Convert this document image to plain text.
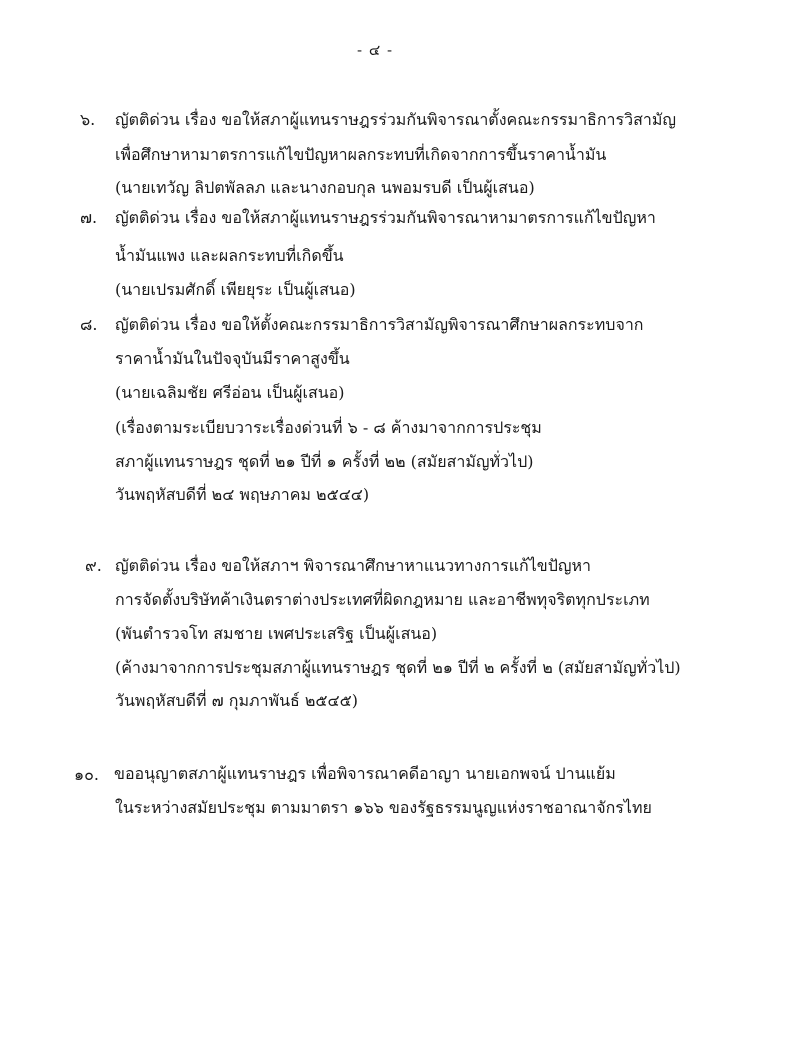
- ๔ -
๖.	ญัตติด่วน เรื่อง ขอให้สภาผู้แทนราษฎรร่วมกันพิจารณาตั้งคณะกรรมาธิการวิสามัญ
เพื่อศึกษาหามาตรการแก้ไขปัญหาผลกระทบที่เกิดจากการขึ้นราคาน้ำมัน
(นายเทวัญ ลิปตพัลลภ และนางกอบกุล นพอมรบดี เป็นผู้เสนอ)
๗.	ญัตติด่วน เรื่อง ขอให้สภาผู้แทนราษฎรร่วมกันพิจารณาหามาตรการแก้ไขปัญหา
น้ำมันแพง และผลกระทบที่เกิดขึ้น
(นายเปรมศักดิ์ เพียยุระ เป็นผู้เสนอ)
๘.	ญัตติด่วน เรื่อง ขอให้ตั้งคณะกรรมาธิการวิสามัญพิจารณาศึกษาผลกระทบจาก
ราคาน้ำมันในปัจจุบันมีราคาสูงขึ้น
(นายเฉลิมชัย ศรีอ่อน เป็นผู้เสนอ)
(เรื่องตามระเบียบวาระเรื่องด่วนที่ ๖ - ๘ ค้างมาจากการประชุม
สภาผู้แทนราษฎร ชุดที่ ๒๑ ปีที่ ๑ ครั้งที่ ๒๒ (สมัยสามัญทั่วไป)
วันพฤหัสบดีที่ ๒๔ พฤษภาคม ๒๕๔๔)
๙. ญัตติด่วน เรื่อง ขอให้สภาฯ พิจารณาศึกษาหาแนวทางการแก้ไขปัญหา
การจัดตั้งบริษัทค้าเงินตราต่างประเทศที่ผิดกฎหมาย และอาชีพทุจริตทุกประเภท
(พันตำรวจโท สมชาย เพศประเสริฐ เป็นผู้เสนอ)
(ค้างมาจากการประชุมสภาผู้แทนราษฎร ชุดที่ ๒๑ ปีที่ ๒ ครั้งที่ ๒ (สมัยสามัญทั่วไป)
วันพฤหัสบดีที่ ๗ กุมภาพันธ์ ๒๕๔๕)
๑๐. ขออนุญาตสภาผู้แทนราษฎร เพื่อพิจารณาคดีอาญา นายเอกพจน์ ปานแย้ม
ในระหว่างสมัยประชุม ตามมาตรา ๑๖๖ ของรัฐธรรมนูญแห่งราชอาณาจักรไทย
